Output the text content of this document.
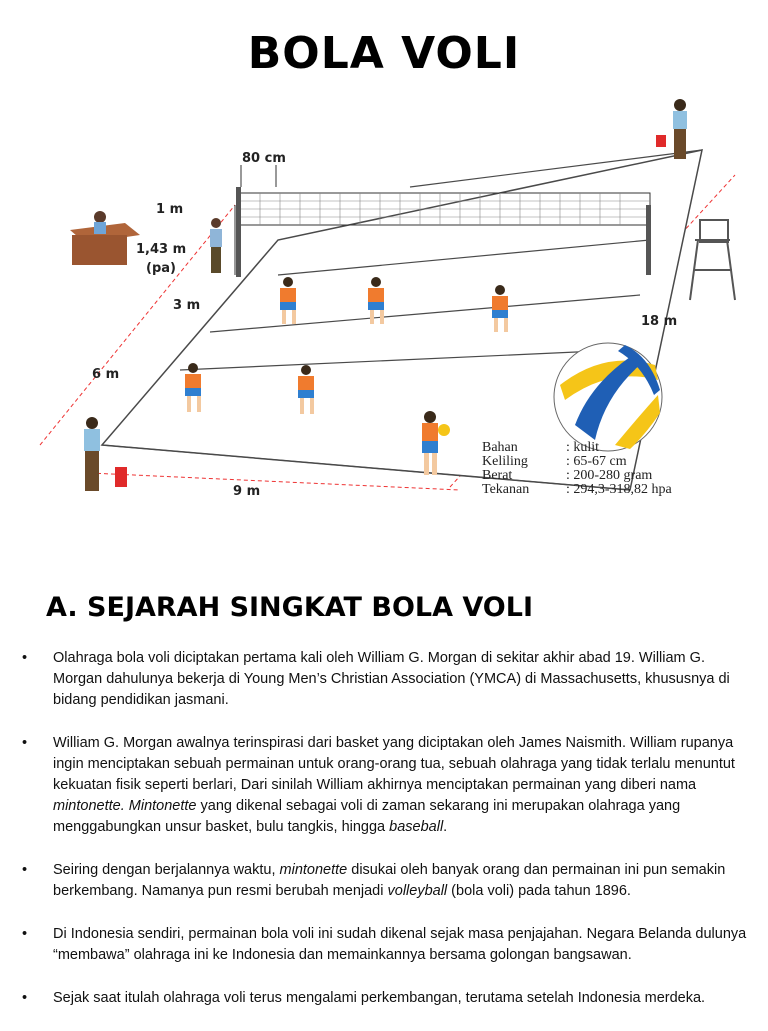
BOLA VOLI
80 cm
1 m
1,43 m
(pa)
3 m
6 m
18 m
9 m
Bahan	: kulit
Keliling	: 65-67 cm
Berat	: 200-280 gram
Tekanan	: 294,3-318,82 hpa
A. SEJARAH SINGKAT BOLA VOLI
•	Olahraga bola voli diciptakan pertama kali oleh William G. Morgan di sekitar akhir abad 19. William G. Morgan dahulunya bekerja di Young Men’s Christian Association (YMCA) di Massachusetts, khususnya di bidang pendidikan jasmani.
•	William G. Morgan awalnya terinspirasi dari basket yang diciptakan oleh James Naismith. William rupanya ingin menciptakan sebuah permainan untuk orang-orang tua, sebuah olahraga yang tidak terlalu menuntut kekuatan fisik seperti berlari, Dari sinilah William akhirnya menciptakan permainan yang diberi nama mintonette. Mintonette yang dikenal sebagai voli di zaman sekarang ini merupakan olahraga yang menggabungkan unsur basket, bulu tangkis, hingga baseball.
•	Seiring dengan berjalannya waktu, mintonette disukai oleh banyak orang dan permainan ini pun semakin berkembang. Namanya pun resmi berubah menjadi volleyball (bola voli) pada tahun 1896.
•	Di Indonesia sendiri, permainan bola voli ini sudah dikenal sejak masa penjajahan. Negara Belanda dulunya “membawa” olahraga ini ke Indonesia dan memainkannya bersama golongan bangsawan.
•	Sejak saat itulah olahraga voli terus mengalami perkembangan, terutama setelah Indonesia merdeka.
